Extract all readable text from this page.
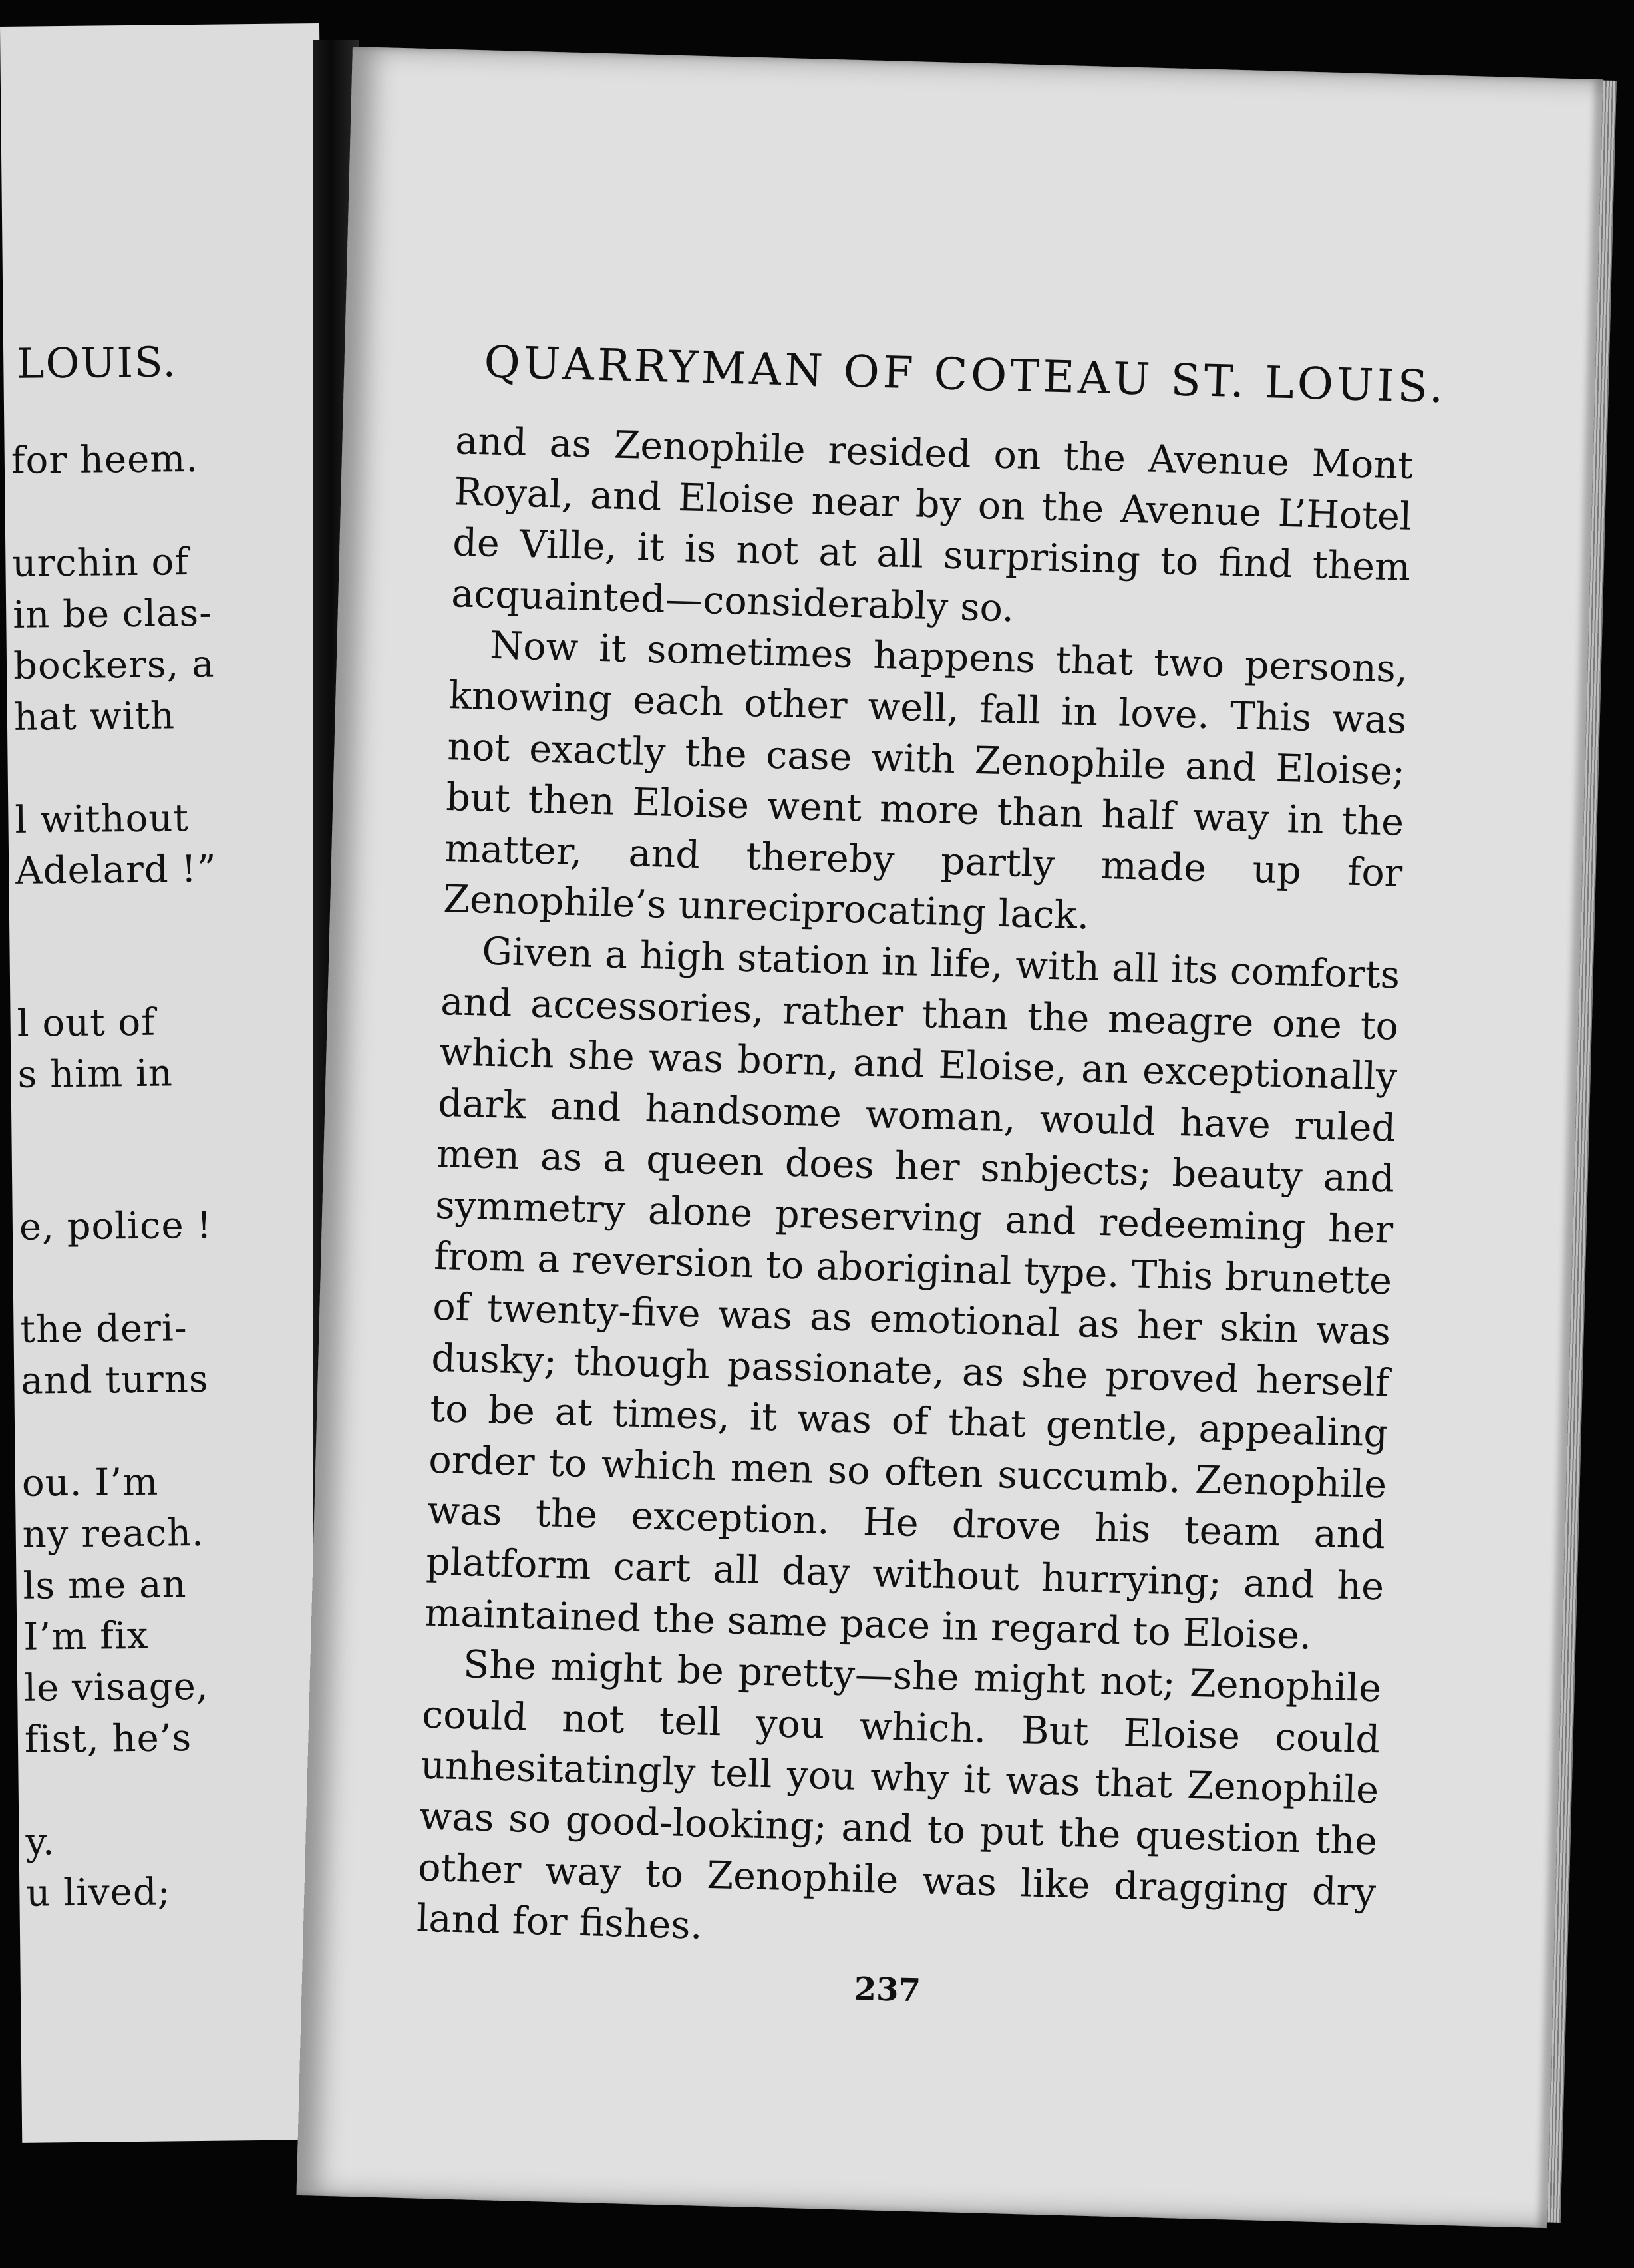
LOUIS.
for heem.
urchin of
in be clas-
bockers, a
hat with
l without
Adelard !”
l out of
s him in
e, police !
the deri-
and turns
ou. I’m
ny reach.
ls me an
I’m fix
le visage,
fist, he’s
y.
u lived;
QUARRYMAN OF COTEAU ST. LOUIS.

and as Zenophile resided on the Avenue Mont Royal, and Eloise near by on the Avenue L’Hotel de Ville, it is not at all surprising to find them acquainted—considerably so.

Now it sometimes happens that two persons, knowing each other well, fall in love. This was not exactly the case with Zenophile and Eloise; but then Eloise went more than half way in the matter, and thereby partly made up for Zenophile’s unreciprocating lack.

Given a high station in life, with all its comforts and accessories, rather than the meagre one to which she was born, and Eloise, an exceptionally dark and handsome woman, would have ruled men as a queen does her snbjects; beauty and symmetry alone preserving and redeeming her from a reversion to aboriginal type. This brunette of twenty-five was as emotional as her skin was dusky; though passionate, as she proved herself to be at times, it was of that gentle, appealing order to which men so often succumb. Zenophile was the exception. He drove his team and platform cart all day without hurrying; and he maintained the same pace in regard to Eloise.

She might be pretty—she might not; Zenophile could not tell you which. But Eloise could unhesitatingly tell you why it was that Zenophile was so good-looking; and to put the question the other way to Zenophile was like dragging dry land for fishes.

237
